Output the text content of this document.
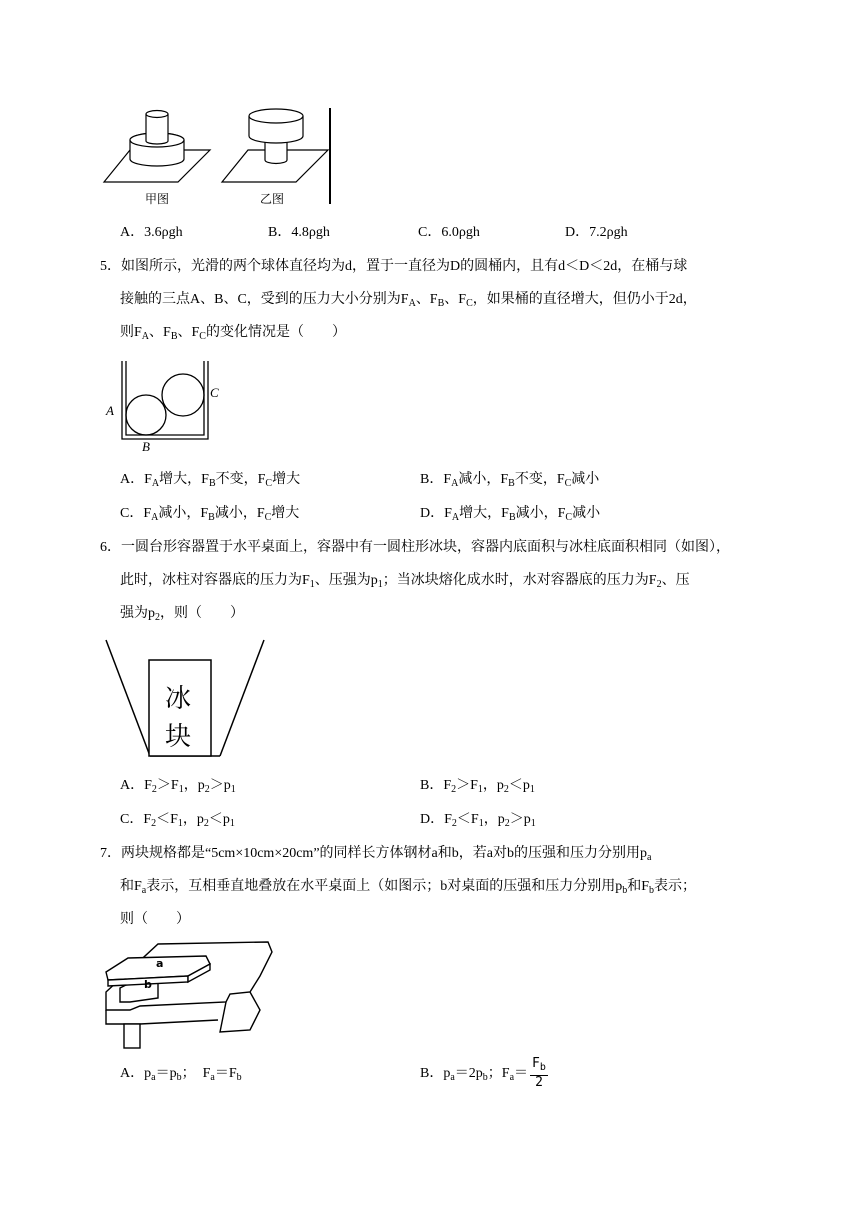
甲图	乙图
A．3.6ρgh	B．4.8ρgh	C．6.0ρgh	D．7.2ρgh
5．如图所示，光滑的两个球体直径均为d，置于一直径为D的圆桶内，且有d＜D＜2d，在桶与球
接触的三点A、B、C，受到的压力大小分别为$F_A$、$F_B$、$F_C$，如果桶的直径增大，但仍小于2d，
则$F_A$、$F_B$、$F_C$的变化情况是（　　）
A
B
C
A．$F_A$增大，$F_B$不变，$F_C$增大	B．$F_A$减小，$F_B$不变，$F_C$减小
C．$F_A$减小，$F_B$减小，$F_C$增大	D．$F_A$增大，$F_B$减小，$F_C$减小
6．一圆台形容器置于水平桌面上，容器中有一圆柱形冰块，容器内底面积与冰柱底面积相同（如图），
此时，冰柱对容器底的压力为$F_1$、压强为$p_1$；当冰块熔化成水时，水对容器底的压力为$F_2$、压
强为$p_2$，则（　　）
冰
块
A．$F_2>F_1$，$p_2>p_1$	B．$F_2>F_1$，$p_2<p_1$
C．$F_2<F_1$，$p_2<p_1$	D．$F_2<F_1$，$p_2>p_1$
7．两块规格都是“5cm×10cm×20cm”的同样长方体钢材a和b，若a对b的压强和压力分别用$p_a$
和$F_a$表示，互相垂直地叠放在水平桌面上（如图示；b对桌面的压强和压力分别用$p_b$和$F_b$表示；
则（　　）
a
b
A．$p_a=p_b$；　$F_a=F_b$	B．$p_a=2p_b$；$F_a= \frac{F_b}{2}$
